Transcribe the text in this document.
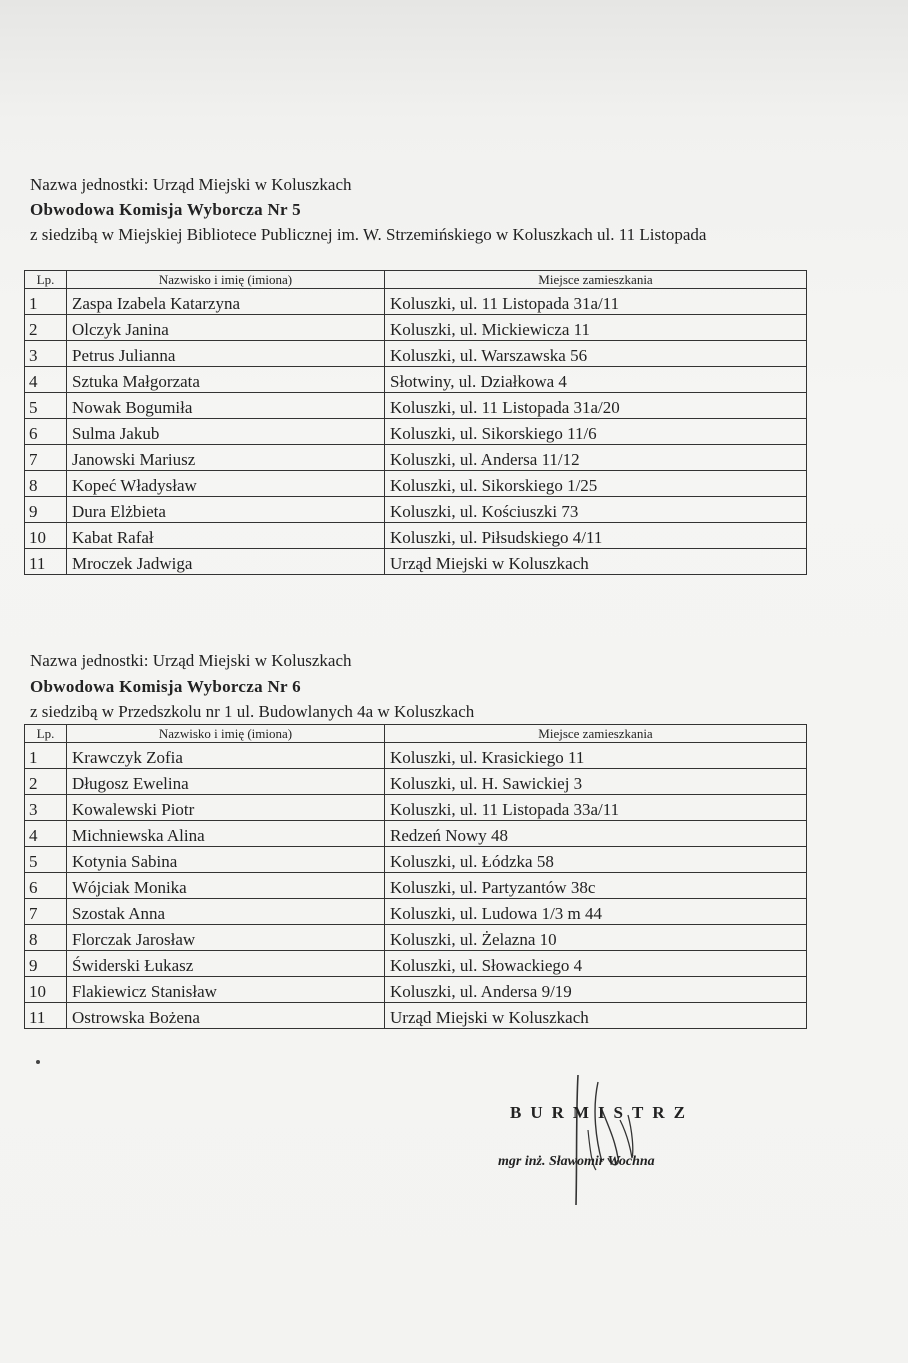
Nazwa jednostki: Urząd Miejski w Koluszkach
Obwodowa Komisja Wyborcza Nr 5
z siedzibą w Miejskiej Bibliotece Publicznej im. W. Strzemińskiego w Koluszkach ul. 11 Listopada
Lp.	Nazwisko i imię (imiona)	Miejsce zamieszkania
1	Zaspa Izabela Katarzyna	Koluszki, ul. 11 Listopada 31a/11
2	Olczyk Janina	Koluszki, ul. Mickiewicza 11
3	Petrus Julianna	Koluszki, ul. Warszawska 56
4	Sztuka Małgorzata	Słotwiny, ul. Działkowa 4
5	Nowak Bogumiła	Koluszki, ul. 11 Listopada 31a/20
6	Sulma Jakub	Koluszki, ul. Sikorskiego 11/6
7	Janowski Mariusz	Koluszki, ul. Andersa 11/12
8	Kopeć Władysław	Koluszki, ul. Sikorskiego 1/25
9	Dura Elżbieta	Koluszki, ul. Kościuszki 73
10	Kabat Rafał	Koluszki, ul. Piłsudskiego 4/11
11	Mroczek Jadwiga	Urząd Miejski w Koluszkach
Nazwa jednostki: Urząd Miejski w Koluszkach
Obwodowa Komisja Wyborcza Nr 6
z siedzibą w Przedszkolu nr 1 ul. Budowlanych 4a w Koluszkach
Lp.	Nazwisko i imię (imiona)	Miejsce zamieszkania
1	Krawczyk Zofia	Koluszki, ul. Krasickiego 11
2	Długosz Ewelina	Koluszki, ul. H. Sawickiej 3
3	Kowalewski Piotr	Koluszki, ul. 11 Listopada 33a/11
4	Michniewska Alina	Redzeń Nowy 48
5	Kotynia Sabina	Koluszki, ul. Łódzka 58
6	Wójciak Monika	Koluszki, ul. Partyzantów 38c
7	Szostak Anna	Koluszki, ul. Ludowa 1/3 m 44
8	Florczak Jarosław	Koluszki, ul. Żelazna 10
9	Świderski Łukasz	Koluszki, ul. Słowackiego 4
10	Flakiewicz Stanisław	Koluszki, ul. Andersa 9/19
11	Ostrowska Bożena	Urząd Miejski w Koluszkach
BURMISTRZ
mgr inż. Sławomir Wochna
